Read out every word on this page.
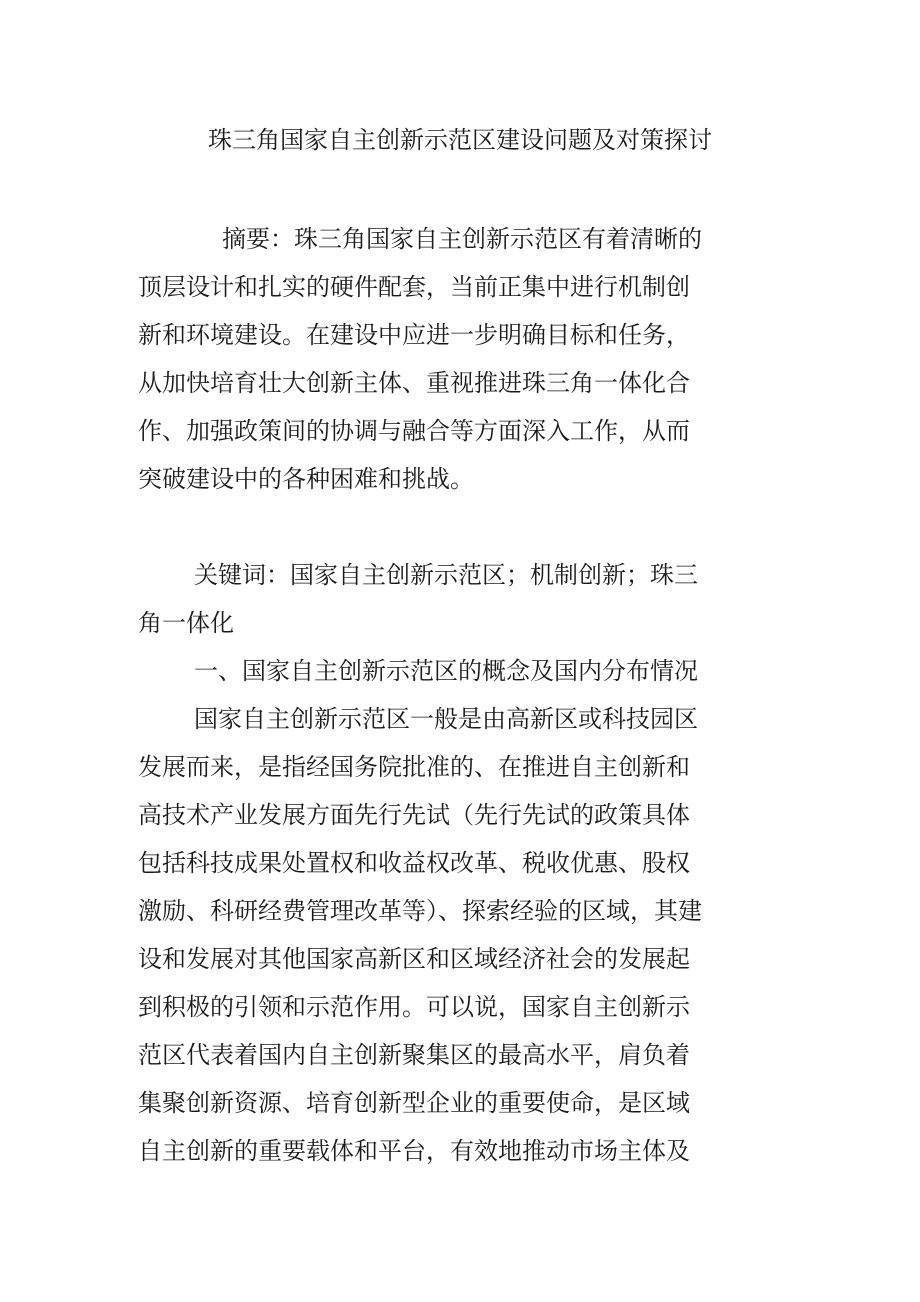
珠三角国家自主创新示范区建设问题及对策探讨
摘要：珠三角国家自主创新示范区有着清晰的
顶层设计和扎实的硬件配套，当前正集中进行机制创
新和环境建设。在建设中应进一步明确目标和任务，
从加快培育壮大创新主体、重视推进珠三角一体化合
作、加强政策间的协调与融合等方面深入工作，从而
突破建设中的各种困难和挑战。
关键词：国家自主创新示范区；机制创新；珠三
角一体化
一、国家自主创新示范区的概念及国内分布情况
国家自主创新示范区一般是由高新区或科技园区
发展而来，是指经国务院批准的、在推进自主创新和
高技术产业发展方面先行先试（先行先试的政策具体
包括科技成果处置权和收益权改革、税收优惠、股权
激励、科研经费管理改革等）、探索经验的区域，其建
设和发展对其他国家高新区和区域经济社会的发展起
到积极的引领和示范作用。可以说，国家自主创新示
范区代表着国内自主创新聚集区的最高水平，肩负着
集聚创新资源、培育创新型企业的重要使命，是区域
自主创新的重要载体和平台，有效地推动市场主体及
